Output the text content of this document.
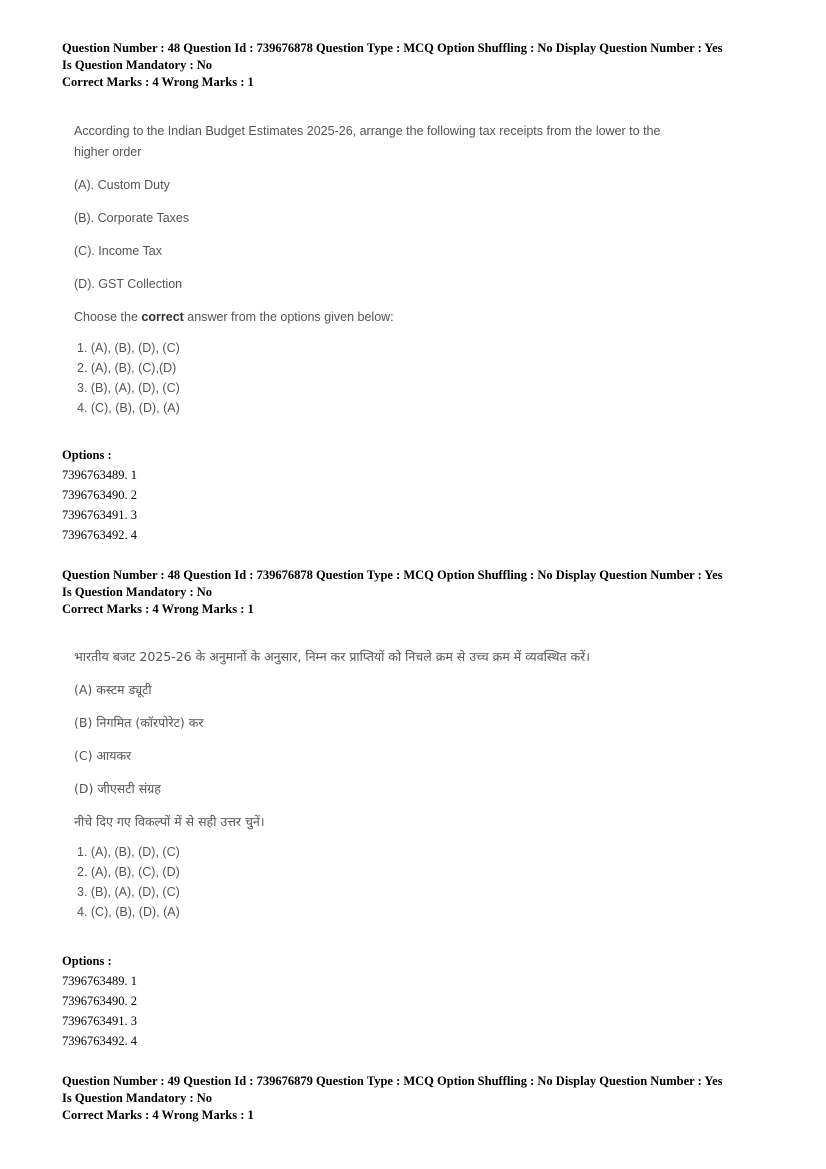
Question Number : 48 Question Id : 739676878 Question Type : MCQ Option Shuffling : No Display Question Number : Yes
Is Question Mandatory : No
Correct Marks : 4 Wrong Marks : 1
According to the Indian Budget Estimates 2025-26, arrange the following tax receipts from the lower to the
higher order
(A). Custom Duty
(B). Corporate Taxes
(C). Income Tax
(D). GST Collection
Choose the correct answer from the options given below:
1. (A), (B), (D), (C)
2. (A), (B), (C),(D)
3. (B), (A), (D), (C)
4. (C), (B), (D), (A)
Options :
7396763489. 1
7396763490. 2
7396763491. 3
7396763492. 4
Question Number : 48 Question Id : 739676878 Question Type : MCQ Option Shuffling : No Display Question Number : Yes
Is Question Mandatory : No
Correct Marks : 4 Wrong Marks : 1
भारतीय बजट 2025-26 के अनुमानों के अनुसार, निम्न कर प्राप्तियों को निचले क्रम से उच्च क्रम में व्यवस्थित करें।
(A) कस्टम ड्यूटी
(B) निगमित (कॉरपोरेट) कर
(C) आयकर
(D) जीएसटी संग्रह
नीचे दिए गए विकल्पों में से सही उत्तर चुनें।
1. (A), (B), (D), (C)
2. (A), (B), (C), (D)
3. (B), (A), (D), (C)
4. (C), (B), (D), (A)
Options :
7396763489. 1
7396763490. 2
7396763491. 3
7396763492. 4
Question Number : 49 Question Id : 739676879 Question Type : MCQ Option Shuffling : No Display Question Number : Yes
Is Question Mandatory : No
Correct Marks : 4 Wrong Marks : 1
